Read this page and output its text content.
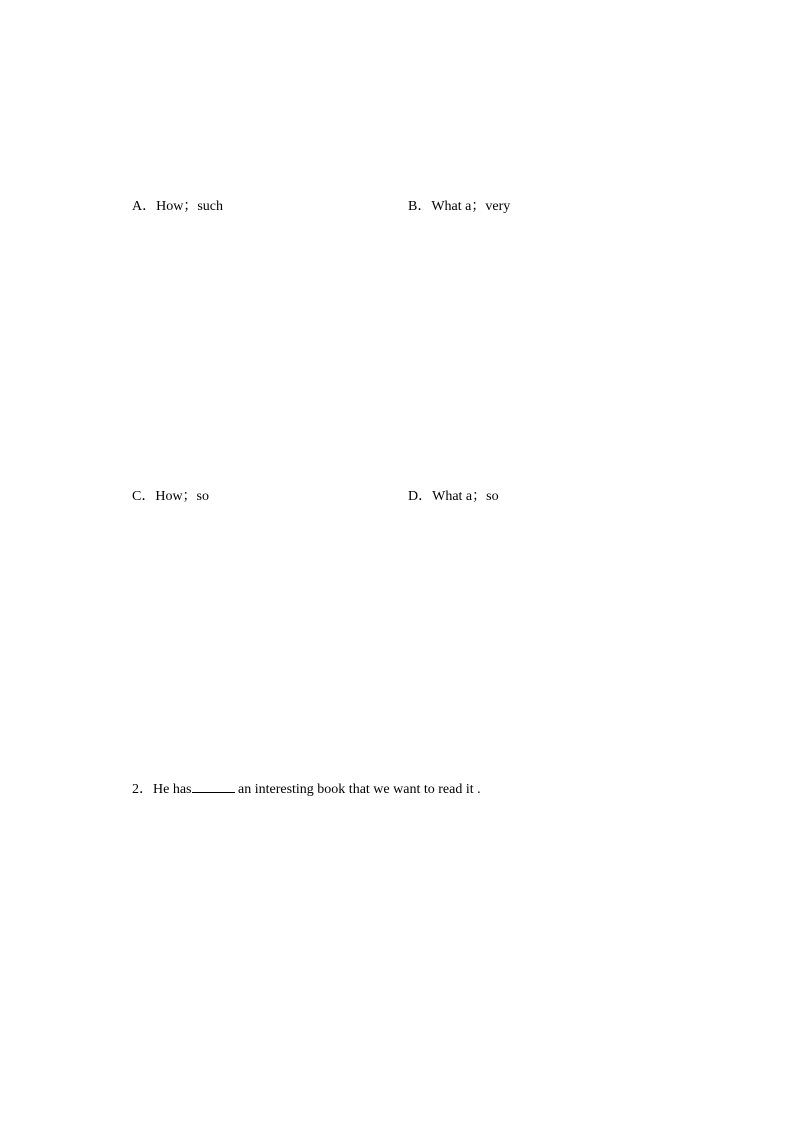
A．How；such	B．What a；very
C．How；so	D．What a；so
2．He has	an interesting book that we want to read it .
